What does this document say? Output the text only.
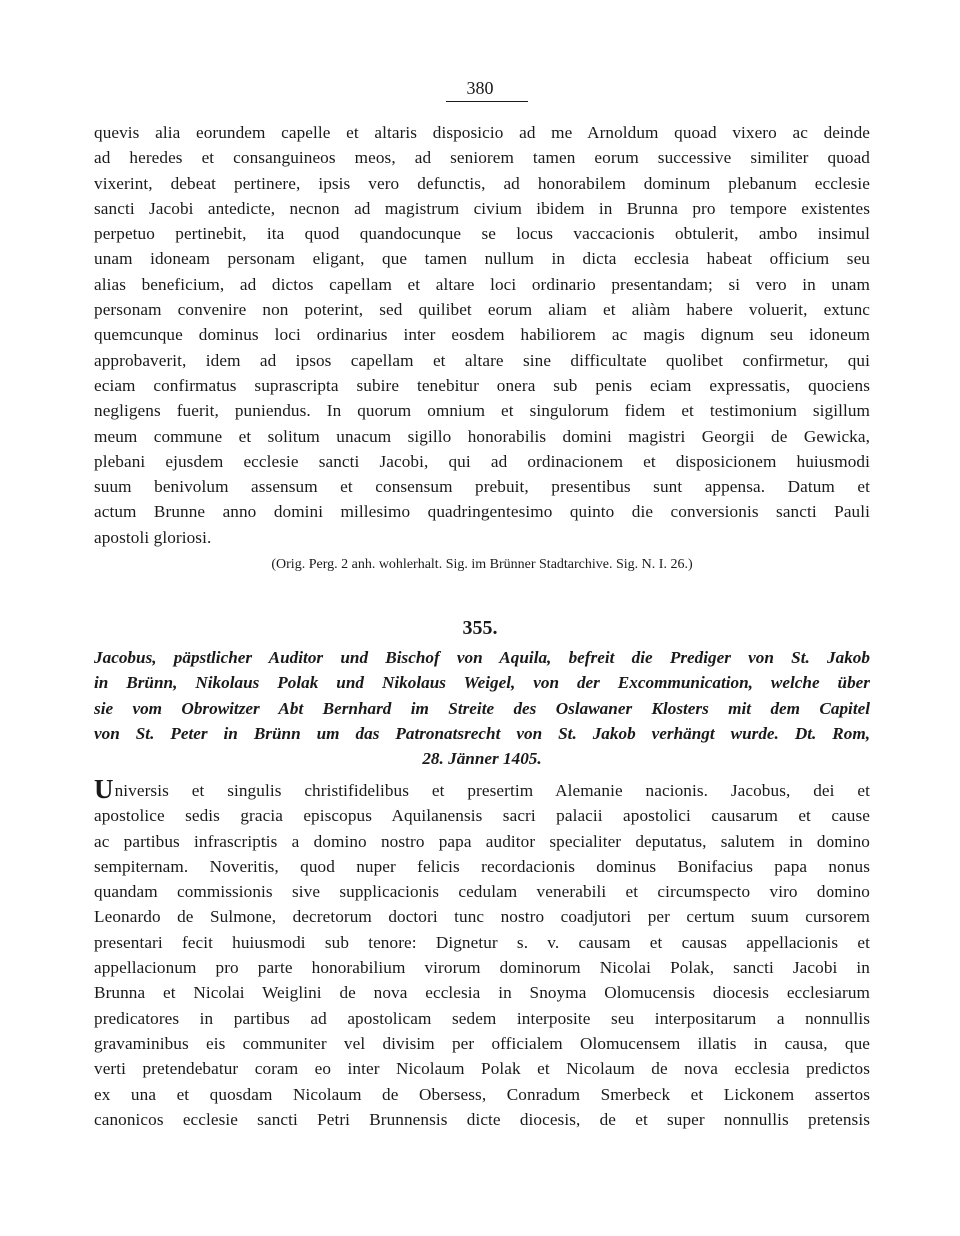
380
quevis alia eorundem capelle et altaris disposicio ad me Arnoldum quoad vixero ac deinde
ad heredes et consanguineos meos, ad seniorem tamen eorum successive similiter quoad
vixerint, debeat pertinere, ipsis vero defunctis, ad honorabilem dominum plebanum ecclesie
sancti Jacobi antedicte, necnon ad magistrum civium ibidem in Brunna pro tempore existentes
perpetuo pertinebit, ita quod quandocunque se locus vaccacionis obtulerit, ambo insimul
unam idoneam personam eligant, que tamen nullum in dicta ecclesia habeat officium seu
alias beneficium, ad dictos capellam et altare loci ordinario presentandam; si vero in unam
personam convenire non poterint, sed quilibet eorum aliam et aliàm habere voluerit, extunc
quemcunque dominus loci ordinarius inter eosdem habiliorem ac magis dignum seu idoneum
approbaverit, idem ad ipsos capellam et altare sine difficultate quolibet confirmetur, qui
eciam confirmatus suprascripta subire tenebitur onera sub penis eciam expressatis, quociens
negligens fuerit, puniendus. In quorum omnium et singulorum fidem et testimonium sigillum
meum commune et solitum unacum sigillo honorabilis domini magistri Georgii de Gewicka,
plebani ejusdem ecclesie sancti Jacobi, qui ad ordinacionem et disposicionem huiusmodi
suum benivolum assensum et consensum prebuit, presentibus sunt appensa. Datum et
actum Brunne anno domini millesimo quadringentesimo quinto die conversionis sancti Pauli
apostoli gloriosi.
(Orig. Perg. 2 anh. wohlerhalt. Sig. im Brünner Stadtarchive. Sig. N. I. 26.)
355.
Jacobus, päpstlicher Auditor und Bischof von Aquila, befreit die Prediger von St. Jakob
in Brünn, Nikolaus Polak und Nikolaus Weigel, von der Excommunication, welche über
sie vom Obrowitzer Abt Bernhard im Streite des Oslawaner Klosters mit dem Capitel
von St. Peter in Brünn um das Patronatsrecht von St. Jakob verhängt wurde. Dt. Rom,
28. Jänner 1405.
Universis et singulis christifidelibus et presertim Alemanie nacionis. Jacobus, dei et
apostolice sedis gracia episcopus Aquilanensis sacri palacii apostolici causarum et cause
ac partibus infrascriptis a domino nostro papa auditor specialiter deputatus, salutem in domino
sempiternam. Noveritis, quod nuper felicis recordacionis dominus Bonifacius papa nonus
quandam commissionis sive supplicacionis cedulam venerabili et circumspecto viro domino
Leonardo de Sulmone, decretorum doctori tunc nostro coadjutori per certum suum cursorem
presentari fecit huiusmodi sub tenore: Dignetur s. v. causam et causas appellacionis et
appellacionum pro parte honorabilium virorum dominorum Nicolai Polak, sancti Jacobi in
Brunna et Nicolai Weiglini de nova ecclesia in Snoyma Olomucensis diocesis ecclesiarum
predicatores in partibus ad apostolicam sedem interposite seu interpositarum a nonnullis
gravaminibus eis communiter vel divisim per officialem Olomucensem illatis in causa, que
verti pretendebatur coram eo inter Nicolaum Polak et Nicolaum de nova ecclesia predictos
ex una et quosdam Nicolaum de Obersess, Conradum Smerbeck et Lickonem assertos
canonicos ecclesie sancti Petri Brunnensis dicte diocesis, de et super nonnullis pretensis
